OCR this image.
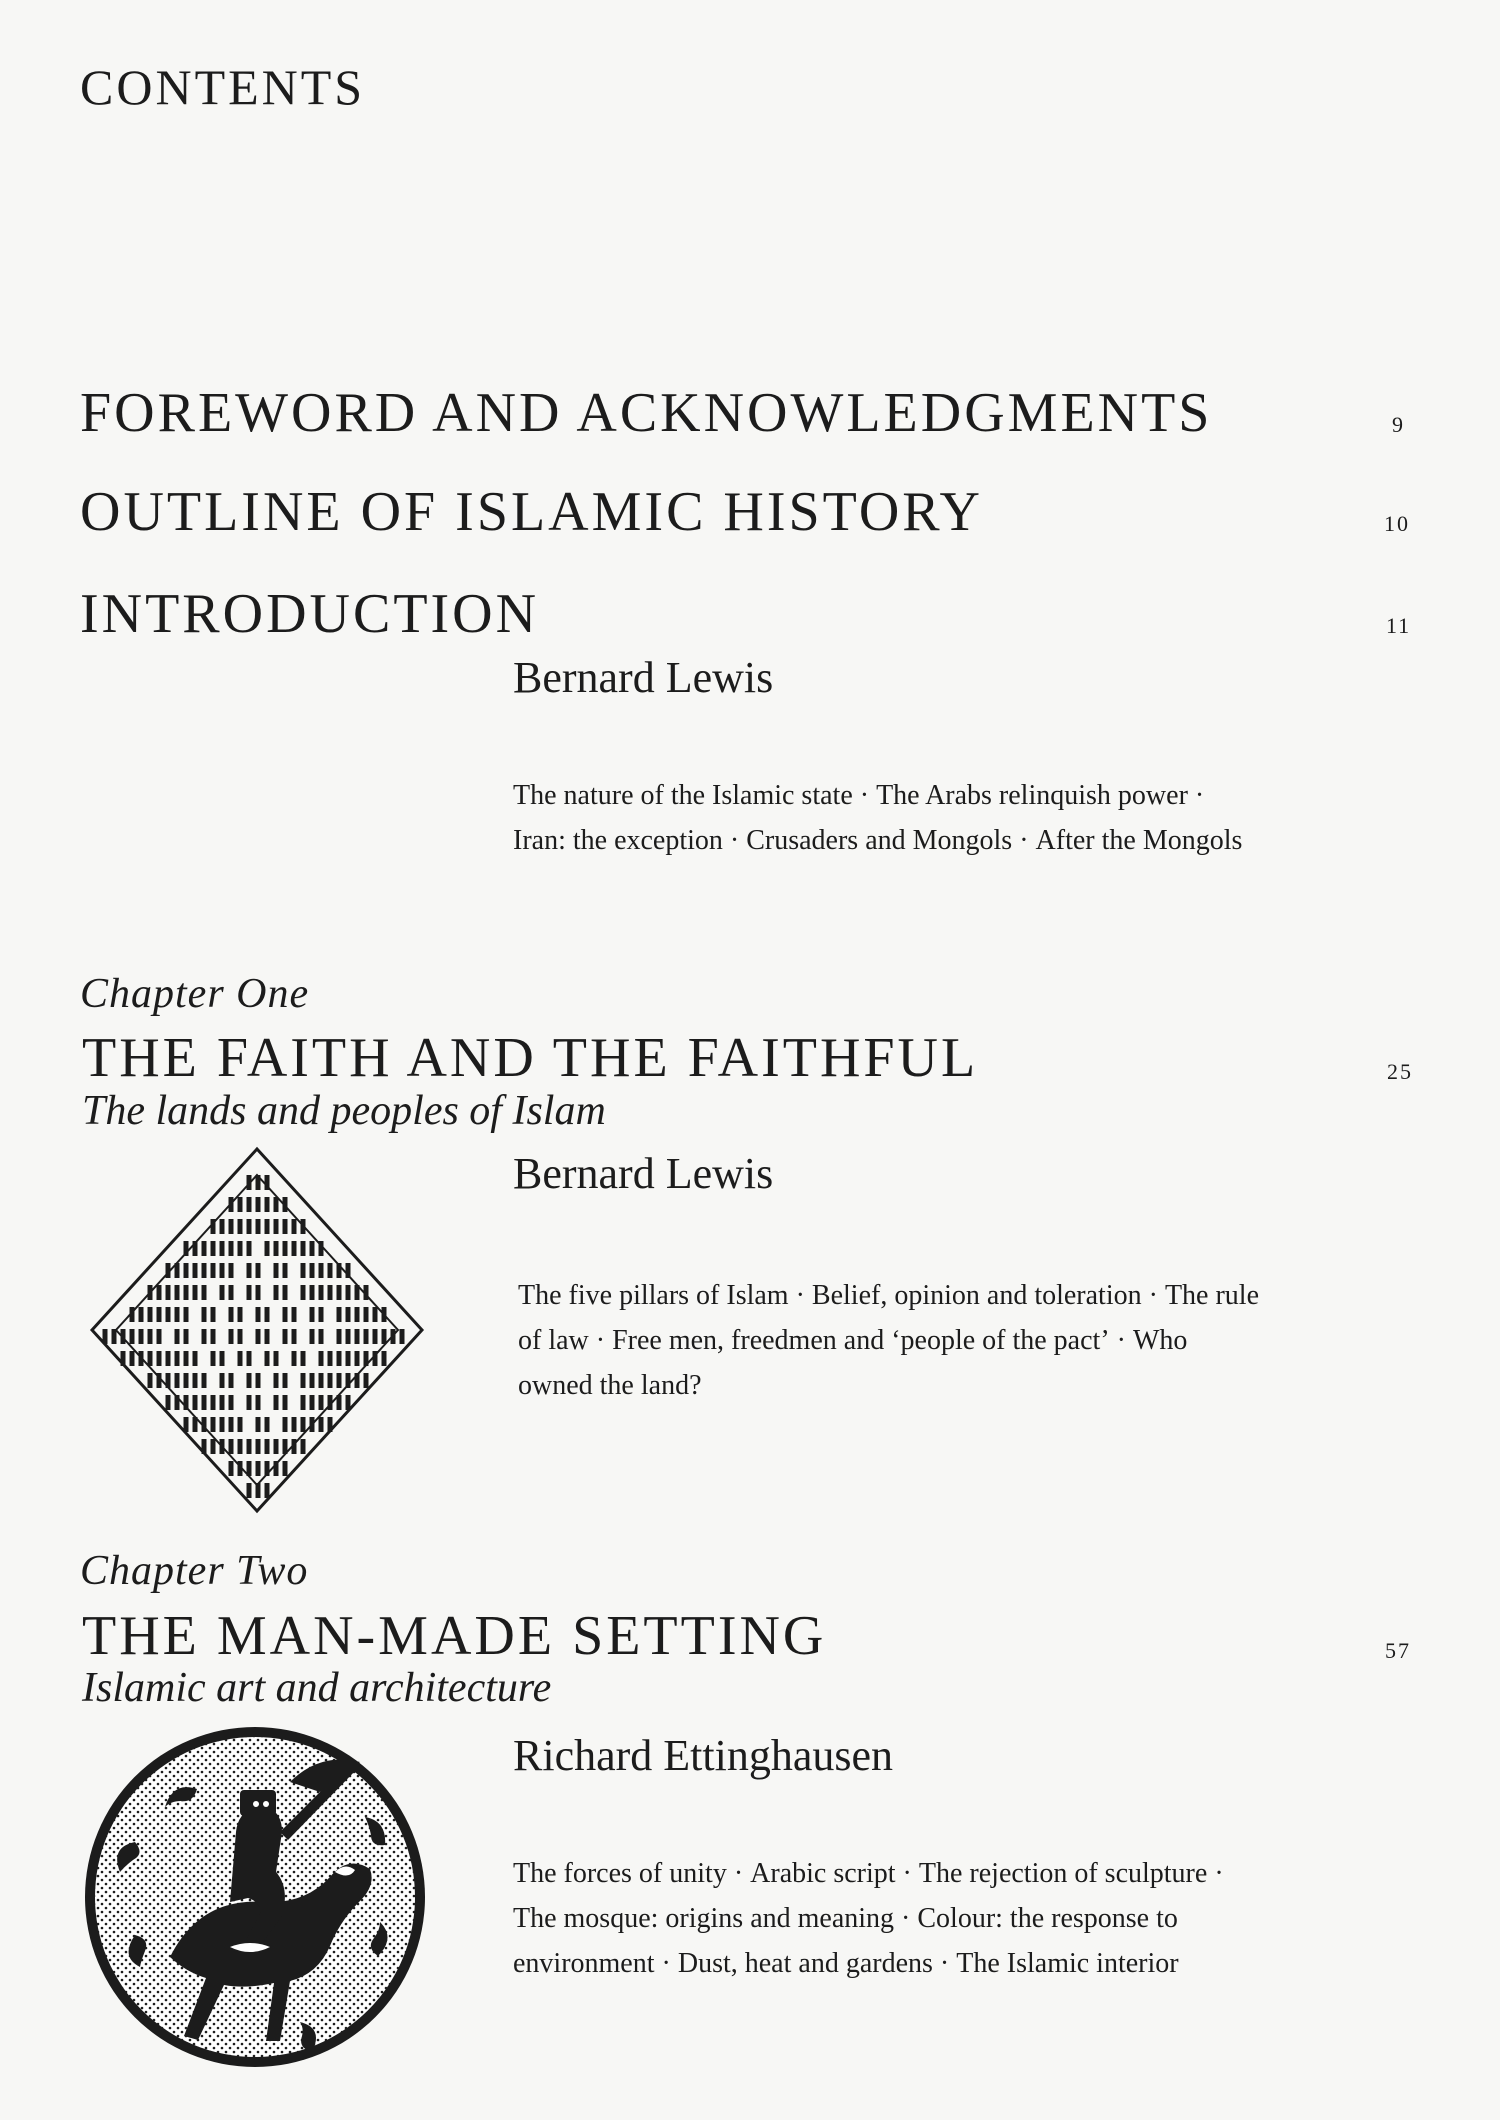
CONTENTS
FOREWORD AND ACKNOWLEDGMENTS	9
OUTLINE OF ISLAMIC HISTORY	10
INTRODUCTION	11
Bernard Lewis
The nature of the Islamic state · The Arabs relinquish power ·
Iran: the exception · Crusaders and Mongols · After the Mongols
Chapter One
THE FAITH AND THE FAITHFUL	25
The lands and peoples of Islam
Bernard Lewis
The five pillars of Islam · Belief, opinion and toleration · The rule
of law · Free men, freedmen and ‘people of the pact’ · Who
owned the land?
Chapter Two
THE MAN-MADE SETTING	57
Islamic art and architecture
Richard Ettinghausen
The forces of unity · Arabic script · The rejection of sculpture ·
The mosque: origins and meaning · Colour: the response to
environment · Dust, heat and gardens · The Islamic interior
